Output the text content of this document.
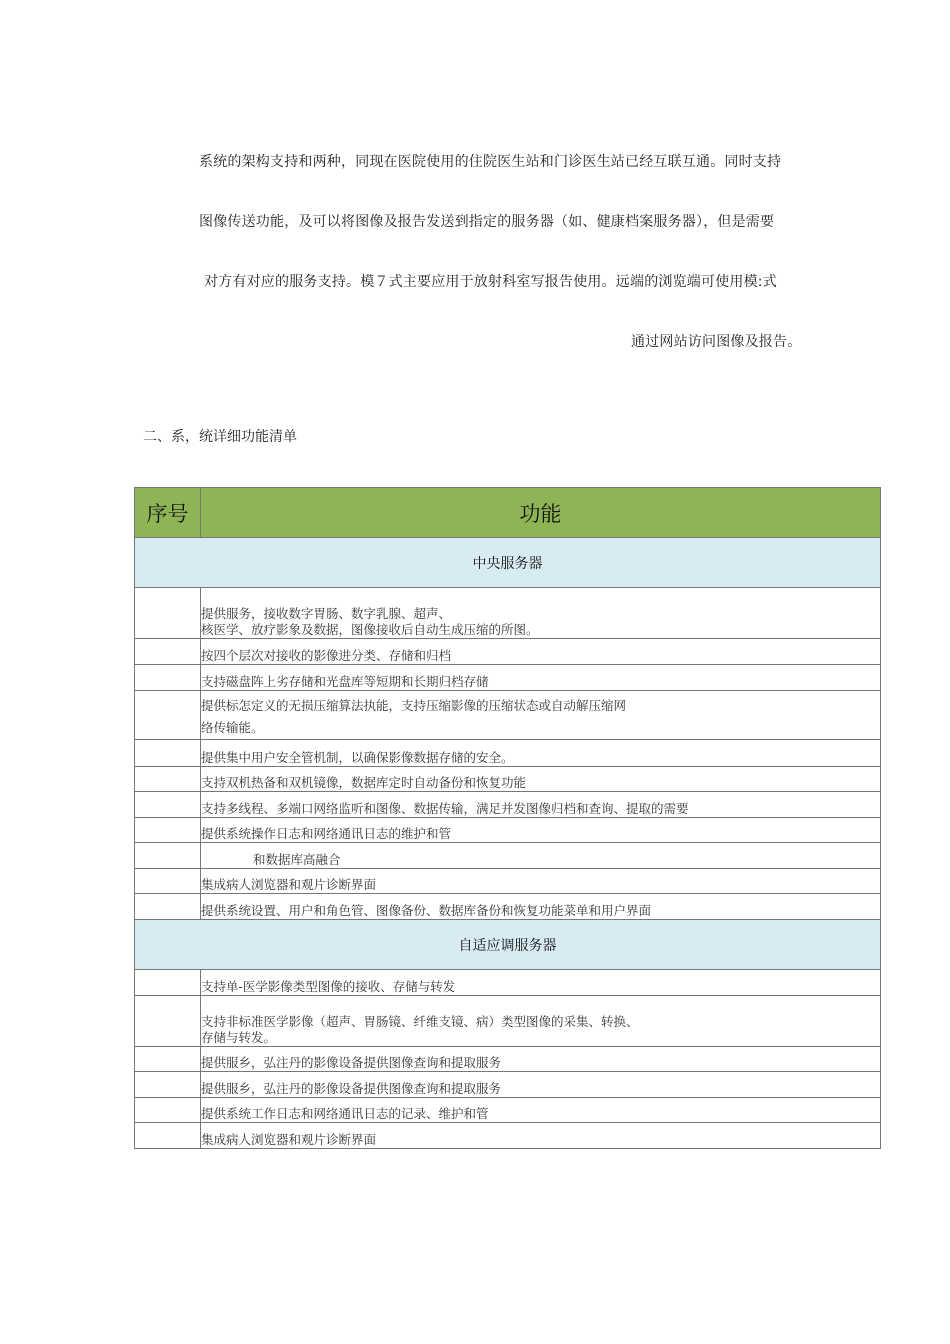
系统的架构支持和两种，同现在医院使用的住院医生站和门诊医生站已经互联互通。同时支持
图像传送功能，及可以将图像及报告发送到指定的服务器（如、健康档案服务器），但是需要
对方有对应的服务支持。模７式主要应用于放射科室写报告使用。远端的浏览端可使用模:式
通过网站访问图像及报告。
二、系，统详细功能清单
序号	功能
中央服务器	
	提供服务，接收数字胃肠、数字乳腺、超声、
核医学、放疗影象及数据，图像接收后自动生成压缩的所图。
	按四个层次对接收的影像进分类、存储和归档
	支持磁盘阵上劣存储和光盘库等短期和长期归档存储
	提供标怎定义的无损压缩算法执能，支持压缩影像的压缩状态或自动解压缩网
络传输能。
	提供集中用户安全管机制，以确保影像数据存储的安全。
	支持双机热备和双机镜像，数据库定时自动备份和恢复功能
	支持多线程、多端口网络监听和图像、数据传输，满足并发图像归档和查询、提取的需要
	提供系统操作日志和网络通讯日志的维护和管
	和数据库高融合
	集成病人浏览器和观片诊断界面
	提供系统设置、用户和角色管、图像备份、数据库备份和恢复功能菜单和用户界面
自适应调服务器	
	支持单-医学影像类型图像的接收、存储与转发
	支持非标准医学影像（超声、胃肠镜、纤维支镜、病）类型图像的采集、转换、
存储与转发。
	提供服乡，弘注丹的影像设备提供图像查询和提取服务
	提供服乡，弘注丹的影像设备提供图像查询和提取服务
	提供系统工作日志和网络通讯日志的记录、维护和管
	集成病人浏览器和观片诊断界面
